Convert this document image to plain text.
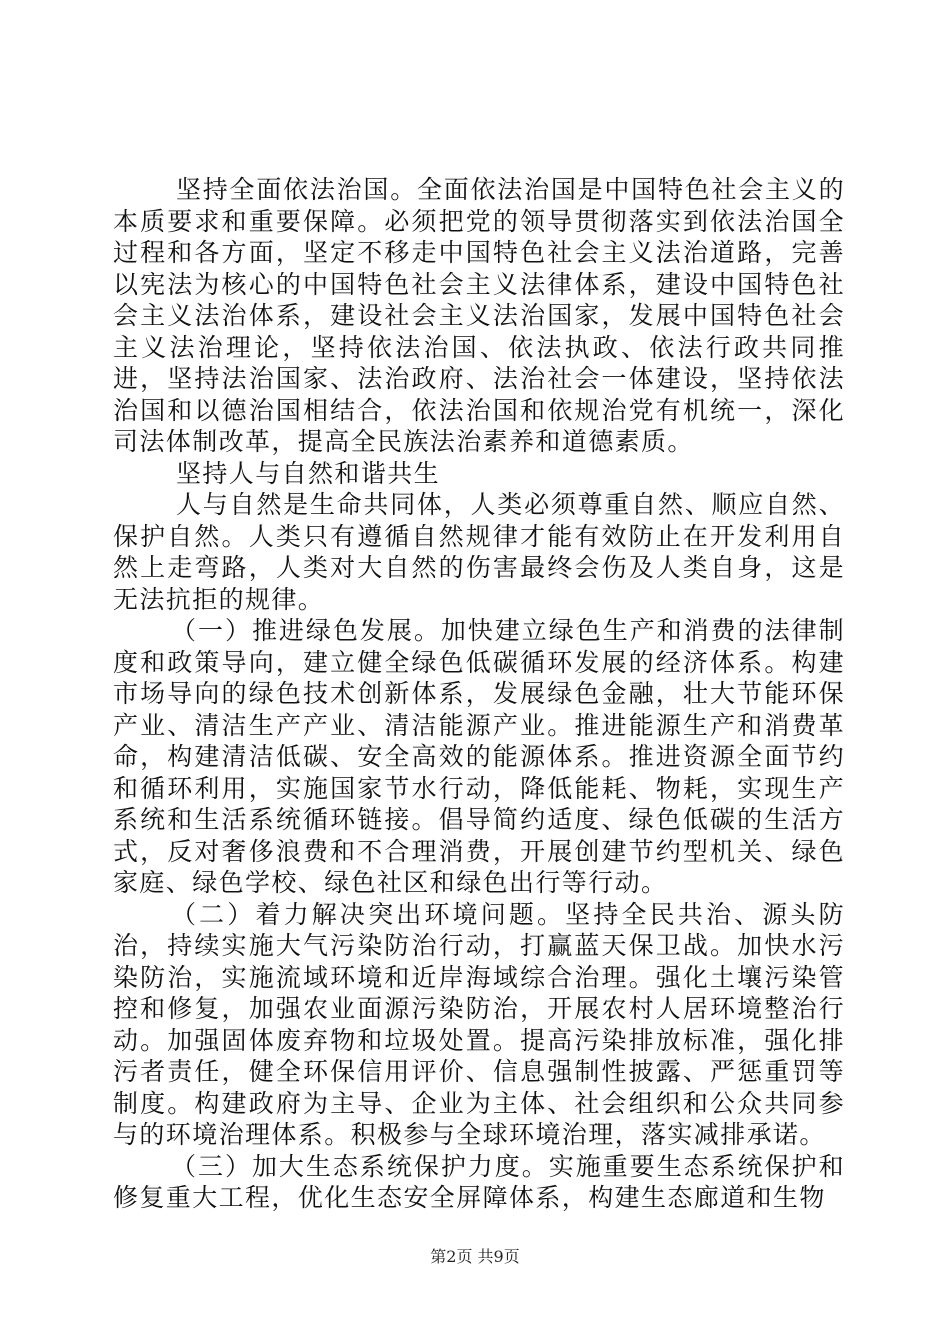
坚持全面依法治国。全面依法治国是中国特色社会主义的本质要求和重要保障。必须把党的领导贯彻落实到依法治国全过程和各方面，坚定不移走中国特色社会主义法治道路，完善以宪法为核心的中国特色社会主义法律体系，建设中国特色社会主义法治体系，建设社会主义法治国家，发展中国特色社会主义法治理论，坚持依法治国、依法执政、依法行政共同推进，坚持法治国家、法治政府、法治社会一体建设，坚持依法治国和以德治国相结合，依法治国和依规治党有机统一，深化司法体制改革，提高全民族法治素养和道德素质。

坚持人与自然和谐共生

人与自然是生命共同体，人类必须尊重自然、顺应自然、保护自然。人类只有遵循自然规律才能有效防止在开发利用自然上走弯路，人类对大自然的伤害最终会伤及人类自身，这是无法抗拒的规律。

（一）推进绿色发展。加快建立绿色生产和消费的法律制度和政策导向，建立健全绿色低碳循环发展的经济体系。构建市场导向的绿色技术创新体系，发展绿色金融，壮大节能环保产业、清洁生产产业、清洁能源产业。推进能源生产和消费革命，构建清洁低碳、安全高效的能源体系。推进资源全面节约和循环利用，实施国家节水行动，降低能耗、物耗，实现生产系统和生活系统循环链接。倡导简约适度、绿色低碳的生活方式，反对奢侈浪费和不合理消费，开展创建节约型机关、绿色家庭、绿色学校、绿色社区和绿色出行等行动。

（二）着力解决突出环境问题。坚持全民共治、源头防治，持续实施大气污染防治行动，打赢蓝天保卫战。加快水污染防治，实施流域环境和近岸海域综合治理。强化土壤污染管控和修复，加强农业面源污染防治，开展农村人居环境整治行动。加强固体废弃物和垃圾处置。提高污染排放标准，强化排污者责任，健全环保信用评价、信息强制性披露、严惩重罚等制度。构建政府为主导、企业为主体、社会组织和公众共同参与的环境治理体系。积极参与全球环境治理，落实减排承诺。

（三）加大生态系统保护力度。实施重要生态系统保护和修复重大工程，优化生态安全屏障体系，构建生态廊道和生物

第2页 共9页
